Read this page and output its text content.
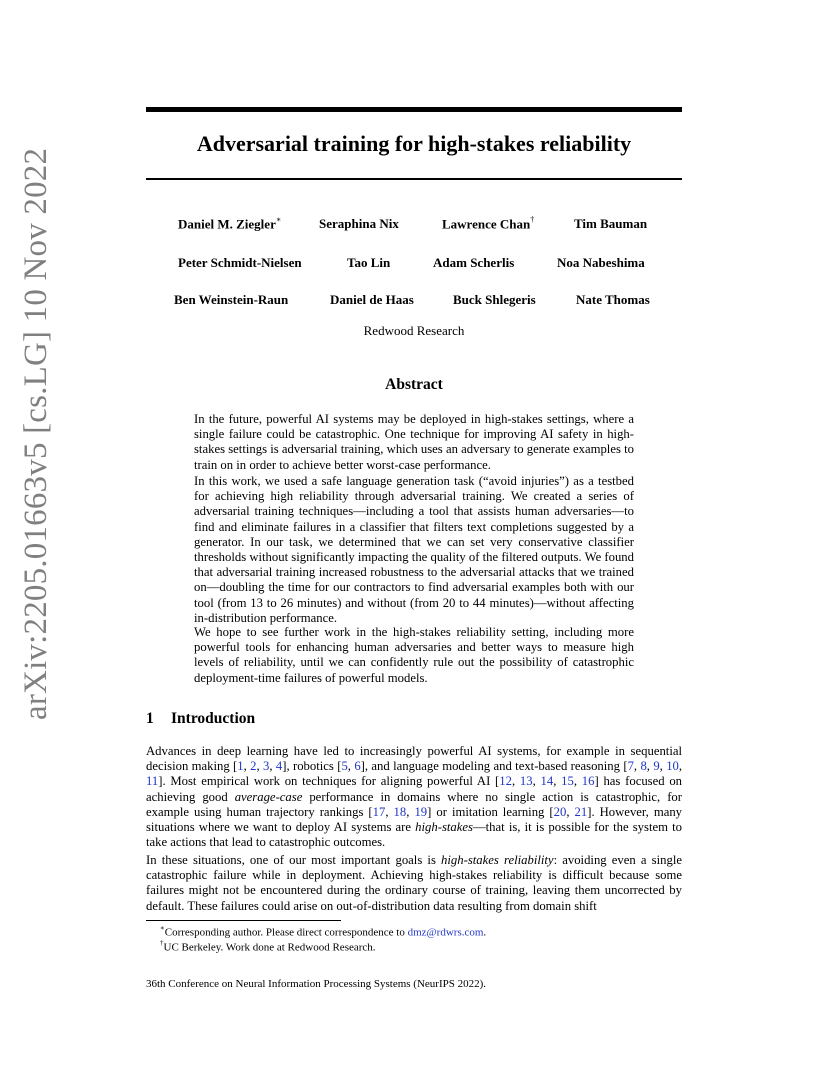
arXiv:2205.01663v5 [cs.LG] 10 Nov 2022
Adversarial training for high-stakes reliability
Daniel M. Ziegler∗	Seraphina Nix	Lawrence Chan†	Tim Bauman
Peter Schmidt-Nielsen	Tao Lin	Adam Scherlis	Noa Nabeshima
Ben Weinstein-Raun	Daniel de Haas	Buck Shlegeris	Nate Thomas
Redwood Research
Abstract

In the future, powerful AI systems may be deployed in high-stakes settings, where a single failure could be catastrophic. One technique for improving AI safety in high-stakes settings is adversarial training, which uses an adversary to generate examples to train on in order to achieve better worst-case performance.

In this work, we used a safe language generation task (“avoid injuries”) as a testbed for achieving high reliability through adversarial training. We created a series of adversarial training techniques—including a tool that assists human adversaries—to find and eliminate failures in a classifier that filters text completions suggested by a generator. In our task, we determined that we can set very conservative classifier thresholds without significantly impacting the quality of the filtered outputs. We found that adversarial training increased robustness to the adversarial attacks that we trained on—doubling the time for our contractors to find adversarial examples both with our tool (from 13 to 26 minutes) and without (from 20 to 44 minutes)—without affecting in-distribution performance.

We hope to see further work in the high-stakes reliability setting, including more powerful tools for enhancing human adversaries and better ways to measure high levels of reliability, until we can confidently rule out the possibility of catastrophic deployment-time failures of powerful models.

1 Introduction

Advances in deep learning have led to increasingly powerful AI systems, for example in sequential decision making [1, 2, 3, 4], robotics [5, 6], and language modeling and text-based reasoning [7, 8, 9, 10, 11]. Most empirical work on techniques for aligning powerful AI [12, 13, 14, 15, 16] has focused on achieving good average-case performance in domains where no single action is catastrophic, for example using human trajectory rankings [17, 18, 19] or imitation learning [20, 21]. However, many situations where we want to deploy AI systems are high-stakes—that is, it is possible for the system to take actions that lead to catastrophic outcomes.

In these situations, one of our most important goals is high-stakes reliability: avoiding even a single catastrophic failure while in deployment. Achieving high-stakes reliability is difficult because some failures might not be encountered during the ordinary course of training, leaving them uncorrected by default. These failures could arise on out-of-distribution data resulting from domain shift

∗Corresponding author. Please direct correspondence to dmz@rdwrs.com.
†UC Berkeley. Work done at Redwood Research.
36th Conference on Neural Information Processing Systems (NeurIPS 2022).
